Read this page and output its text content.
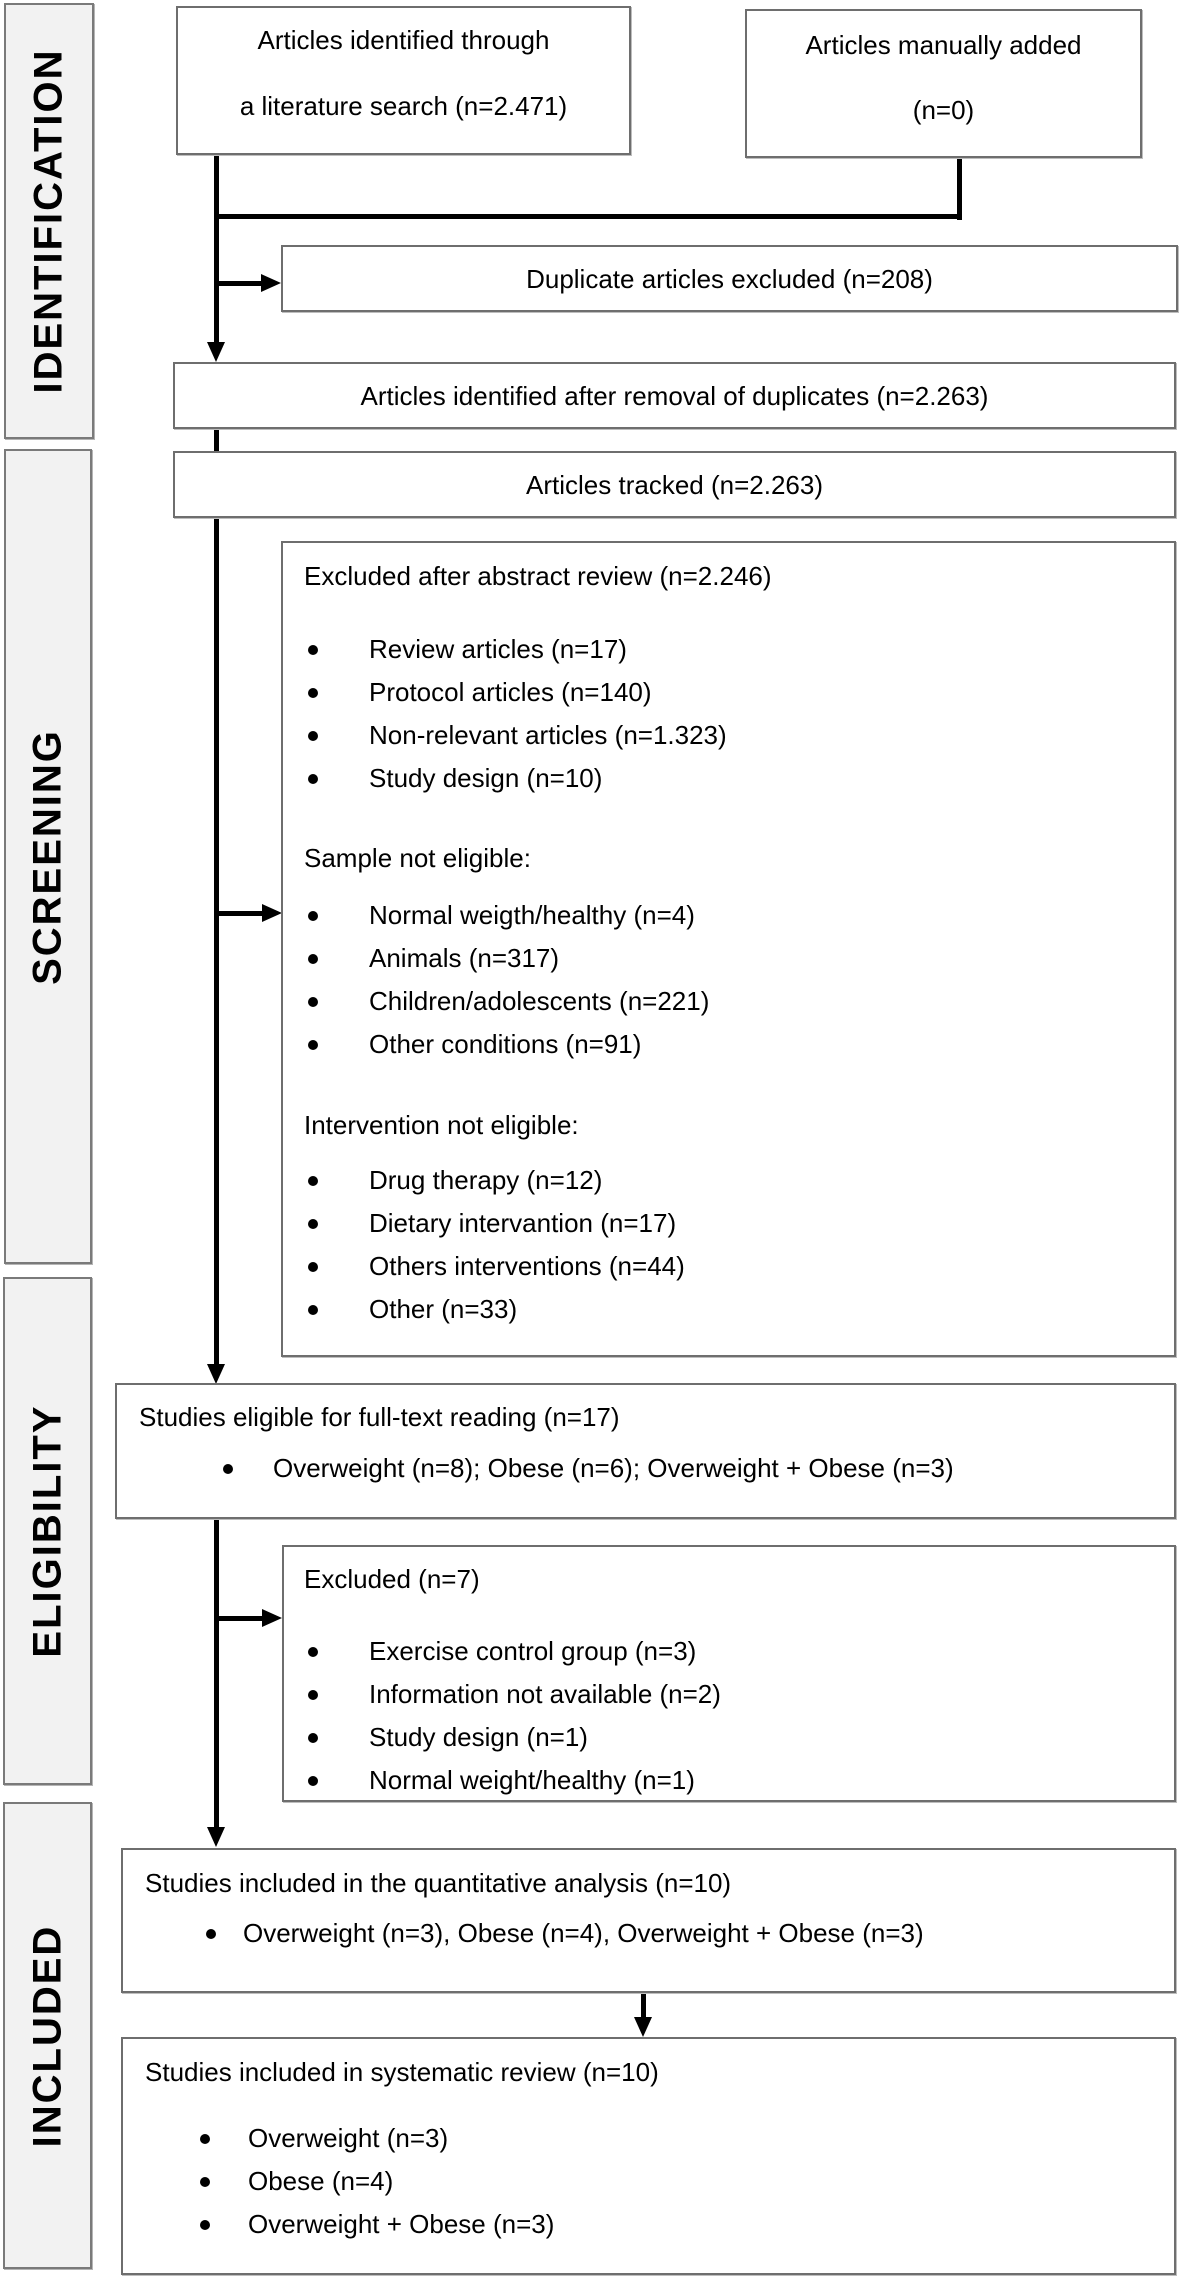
IDENTIFICATION
SCREENING
ELIGIBILITY
INCLUDED
Articles identified through
a literature search (n=2.471)
Articles manually added
(n=0)
Duplicate articles excluded (n=208)
Articles identified after removal of duplicates (n=2.263)
Articles tracked (n=2.263)
Excluded after abstract review (n=2.246)
Review articles (n=17)
Protocol articles (n=140)
Non-relevant articles (n=1.323)
Study design (n=10)
Sample not eligible:
Normal weigth/healthy (n=4)
Animals (n=317)
Children/adolescents (n=221)
Other conditions (n=91)
Intervention not eligible:
Drug therapy (n=12)
Dietary intervantion (n=17)
Others interventions (n=44)
Other (n=33)
Studies eligible for full-text reading (n=17)
Overweight (n=8); Obese (n=6); Overweight + Obese (n=3)
Excluded (n=7)
Exercise control group (n=3)
Information not available (n=2)
Study design (n=1)
Normal weight/healthy (n=1)
Studies included in the quantitative analysis (n=10)
Overweight (n=3), Obese (n=4), Overweight + Obese (n=3)
Studies included in systematic review (n=10)
Overweight (n=3)
Obese (n=4)
Overweight + Obese (n=3)
